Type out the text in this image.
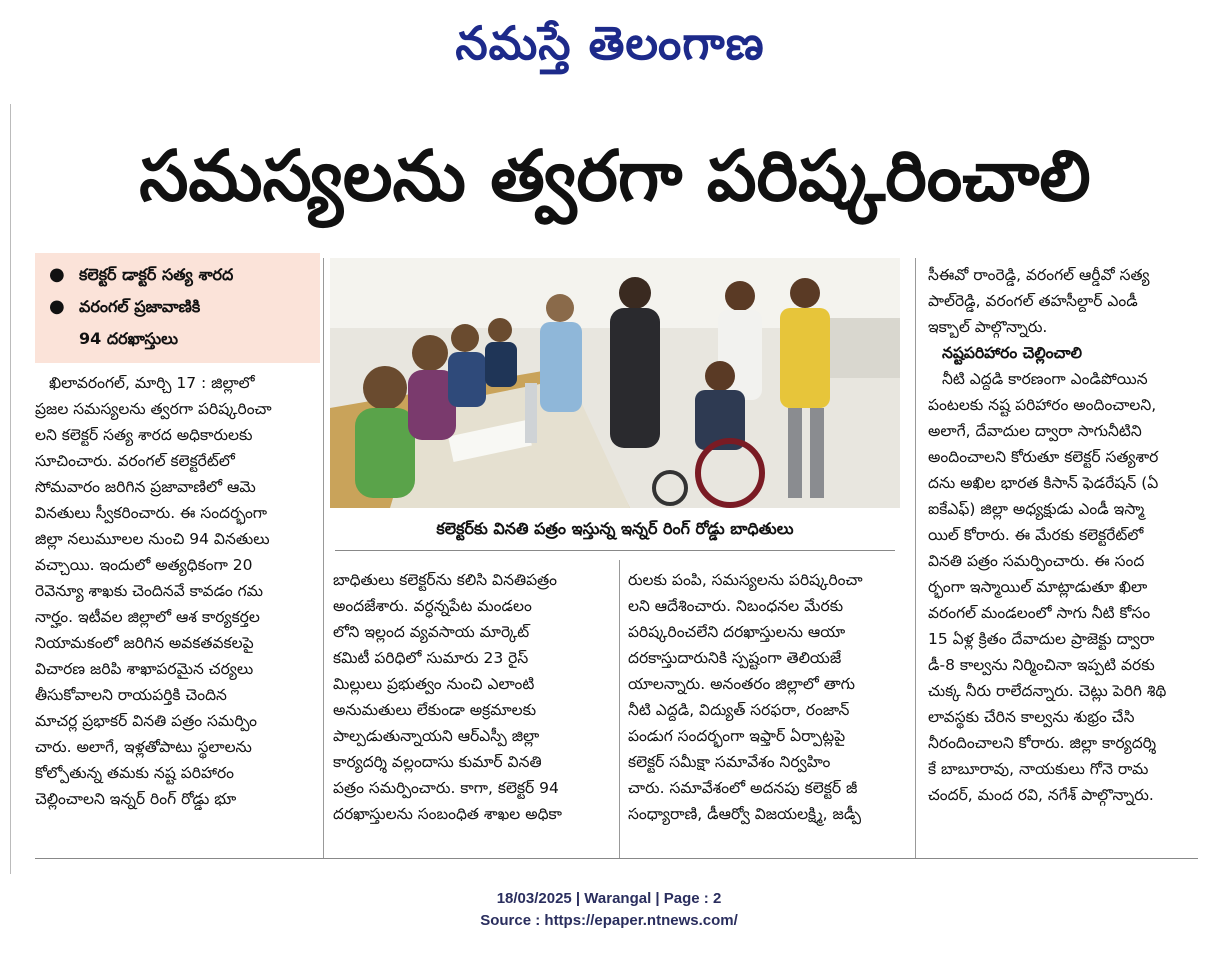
నమస్తే తెలంగాణ
సమస్యలను త్వరగా పరిష్కరించాలి
● కలెక్టర్ డాక్టర్ సత్య శారద
● వరంగల్ ప్రజావాణికి
94 దరఖాస్తులు
కలెక్టర్‌కు వినతి పత్రం ఇస్తున్న ఇన్నర్ రింగ్ రోడ్డు బాధితులు
ఖిలావరంగల్, మార్చి 17 : జిల్లాలో
ప్రజల సమస్యలను త్వరగా పరిష్కరించా
లని కలెక్టర్ సత్య శారద అధికారులకు
సూచించారు. వరంగల్ కలెక్టరేట్‌లో
సోమవారం జరిగిన ప్రజావాణిలో ఆమె
వినతులు స్వీకరించారు. ఈ సందర్భంగా
జిల్లా నలుమూలల నుంచి 94 వినతులు
వచ్చాయి. ఇందులో అత్యధికంగా 20
రెవెన్యూ శాఖకు చెందినవే కావడం గమ
నార్హం. ఇటీవల జిల్లాలో ఆశ కార్యకర్తల
నియామకంలో జరిగిన అవకతవకలపై
విచారణ జరిపి శాఖాపరమైన చర్యలు
తీసుకోవాలని రాయపర్తికి చెందిన
మాచర్ల ప్రభాకర్ వినతి పత్రం సమర్పిం
చారు. అలాగే, ఇళ్లతోపాటు స్థలాలను
కోల్పోతున్న తమకు నష్ట పరిహారం
చెల్లించాలని ఇన్నర్ రింగ్ రోడ్డు భూ
బాధితులు కలెక్టర్‌ను కలిసి వినతిపత్రం
అందజేశారు. వర్ధన్నపేట మండలం
లోని ఇల్లంద వ్యవసాయ మార్కెట్
కమిటీ పరిధిలో సుమారు 23 రైస్
మిల్లులు ప్రభుత్వం నుంచి ఎలాంటి
అనుమతులు లేకుండా అక్రమాలకు
పాల్పడుతున్నాయని ఆర్ఎస్పీ జిల్లా
కార్యదర్శి వల్లందాసు కుమార్ వినతి
పత్రం సమర్పించారు. కాగా, కలెక్టర్ 94
దరఖాస్తులను సంబంధిత శాఖల అధికా
రులకు పంపి, సమస్యలను పరిష్కరించా
లని ఆదేశించారు. నిబంధనల మేరకు
పరిష్కరించలేని దరఖాస్తులను ఆయా
దరకాస్తుదారునికి స్పష్టంగా తెలియజే
యాలన్నారు. అనంతరం జిల్లాలో తాగు
నీటి ఎద్దడి, విద్యుత్ సరఫరా, రంజాన్
పండుగ సందర్భంగా ఇఫ్తార్ ఏర్పాట్లపై
కలెక్టర్ సమీక్షా సమావేశం నిర్వహిం
చారు. సమావేశంలో అదనపు కలెక్టర్ జీ
సంధ్యారాణి, డీఆర్వో విజయలక్ష్మి, జడ్పీ
సీఈవో రాంరెడ్డి, వరంగల్ ఆర్డీవో సత్య
పాల్‌రెడ్డి, వరంగల్ తహసీల్దార్ ఎండీ
ఇక్బాల్ పాల్గొన్నారు.
నష్టపరిహారం చెల్లించాలి
నీటి ఎద్దడి కారణంగా ఎండిపోయిన
పంటలకు నష్ట పరిహారం అందించాలని,
అలాగే, దేవాదుల ద్వారా సాగునీటిని
అందించాలని కోరుతూ కలెక్టర్ సత్యశార
దను అఖిల భారత కిసాన్ ఫెడరేషన్ (ఏ
ఐకేఎఫ్) జిల్లా అధ్యక్షుడు ఎండీ ఇస్మా
యిల్ కోరారు. ఈ మేరకు కలెక్టరేట్‌లో
వినతి పత్రం సమర్పించారు. ఈ సంద
ర్భంగా ఇస్మాయిల్ మాట్లాడుతూ ఖిలా
వరంగల్ మండలంలో సాగు నీటి కోసం
15 ఏళ్ల క్రితం దేవాదుల ప్రాజెక్టు ద్వారా
డీ-8 కాల్వను నిర్మించినా ఇప్పటి వరకు
చుక్క నీరు రాలేదన్నారు. చెట్లు పెరిగి శిథి
లావస్థకు చేరిన కాల్వను శుభ్రం చేసి
నీరందించాలని కోరారు. జిల్లా కార్యదర్శి
కే బాబూరావు, నాయకులు గోనె రామ
చందర్, మంద రవి, నగేశ్ పాల్గొన్నారు.
18/03/2025 | Warangal | Page : 2
Source : https://epaper.ntnews.com/
